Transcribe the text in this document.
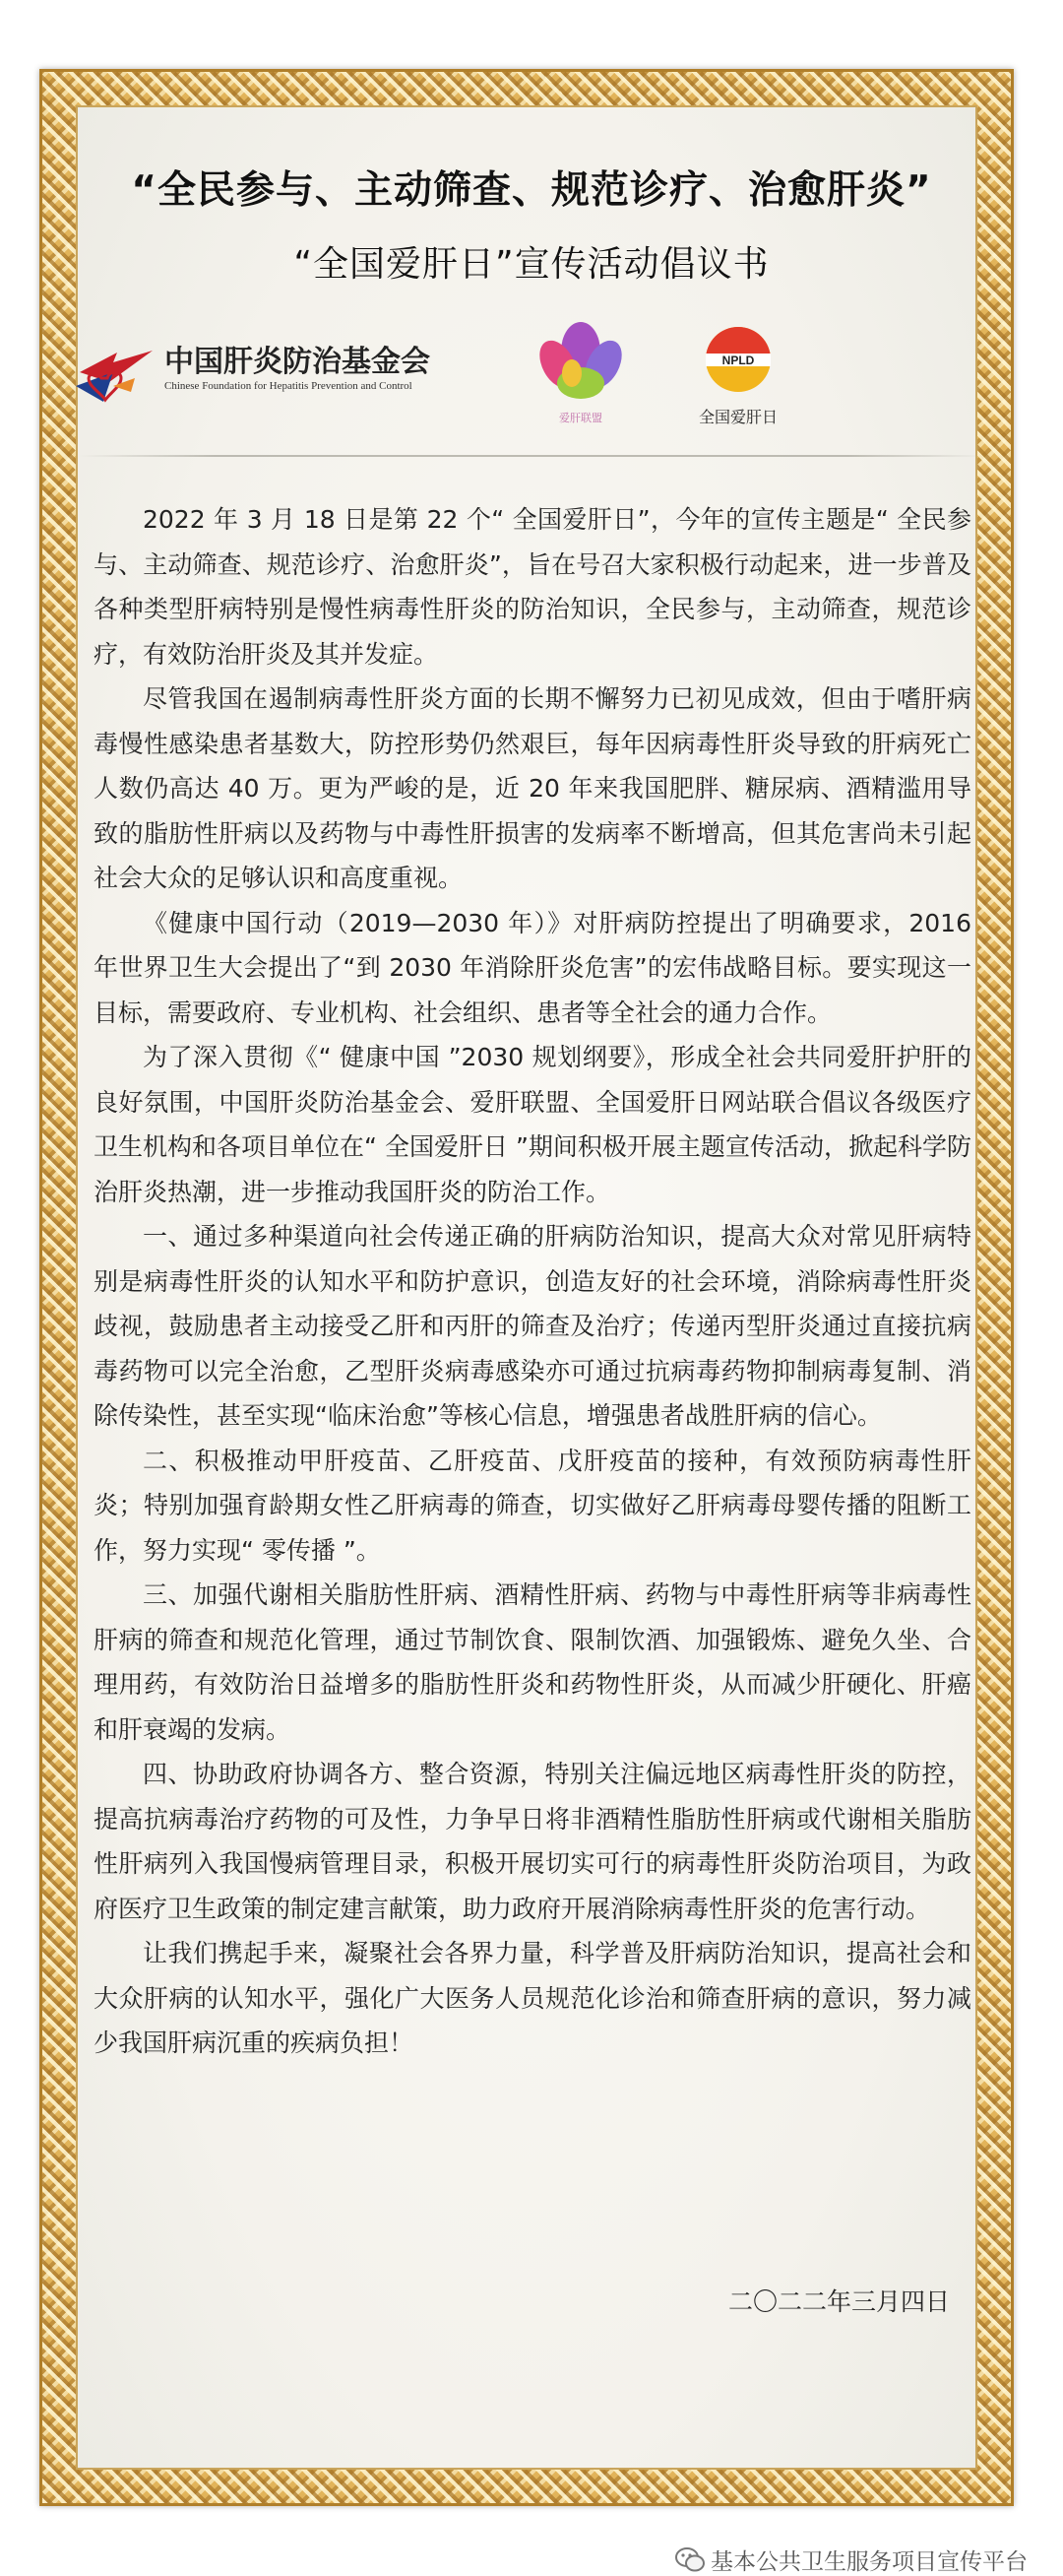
“全民参与、主动筛查、规范诊疗、治愈肝炎”
“全国爱肝日”宣传活动倡议书
中国肝炎防治基金会
Chinese Foundation for Hepatitis Prevention and Control
爱肝联盟
NPLD
全国爱肝日

2022 年 3 月 18 日是第 22 个“ 全国爱肝日”，今年的宣传主题是“ 全民参与、主动筛查、规范诊疗、治愈肝炎”，旨在号召大家积极行动起来，进一步普及各种类型肝病特别是慢性病毒性肝炎的防治知识，全民参与，主动筛查，规范诊疗，有效防治肝炎及其并发症。

尽管我国在遏制病毒性肝炎方面的长期不懈努力已初见成效，但由于嗜肝病毒慢性感染患者基数大，防控形势仍然艰巨，每年因病毒性肝炎导致的肝病死亡人数仍高达 40 万。更为严峻的是，近 20 年来我国肥胖、糖尿病、酒精滥用导致的脂肪性肝病以及药物与中毒性肝损害的发病率不断增高，但其危害尚未引起社会大众的足够认识和高度重视。

《健康中国行动（2019—2030 年）》对肝病防控提出了明确要求，2016 年世界卫生大会提出了“到 2030 年消除肝炎危害”的宏伟战略目标。要实现这一目标，需要政府、专业机构、社会组织、患者等全社会的通力合作。

为了深入贯彻《“ 健康中国 ”2030 规划纲要》，形成全社会共同爱肝护肝的良好氛围，中国肝炎防治基金会、爱肝联盟、全国爱肝日网站联合倡议各级医疗卫生机构和各项目单位在“ 全国爱肝日 ”期间积极开展主题宣传活动，掀起科学防治肝炎热潮，进一步推动我国肝炎的防治工作。

一、通过多种渠道向社会传递正确的肝病防治知识，提高大众对常见肝病特别是病毒性肝炎的认知水平和防护意识，创造友好的社会环境，消除病毒性肝炎歧视，鼓励患者主动接受乙肝和丙肝的筛查及治疗；传递丙型肝炎通过直接抗病毒药物可以完全治愈，乙型肝炎病毒感染亦可通过抗病毒药物抑制病毒复制、消除传染性，甚至实现“临床治愈”等核心信息，增强患者战胜肝病的信心。

二、积极推动甲肝疫苗、乙肝疫苗、戊肝疫苗的接种，有效预防病毒性肝炎；特别加强育龄期女性乙肝病毒的筛查，切实做好乙肝病毒母婴传播的阻断工作，努力实现“ 零传播 ”。

三、加强代谢相关脂肪性肝病、酒精性肝病、药物与中毒性肝病等非病毒性肝病的筛查和规范化管理，通过节制饮食、限制饮酒、加强锻炼、避免久坐、合理用药，有效防治日益增多的脂肪性肝炎和药物性肝炎，从而减少肝硬化、肝癌和肝衰竭的发病。

四、协助政府协调各方、整合资源，特别关注偏远地区病毒性肝炎的防控，提高抗病毒治疗药物的可及性，力争早日将非酒精性脂肪性肝病或代谢相关脂肪性肝病列入我国慢病管理目录，积极开展切实可行的病毒性肝炎防治项目，为政府医疗卫生政策的制定建言献策，助力政府开展消除病毒性肝炎的危害行动。

让我们携起手来，凝聚社会各界力量，科学普及肝病防治知识，提高社会和大众肝病的认知水平，强化广大医务人员规范化诊治和筛查肝病的意识，努力减少我国肝病沉重的疾病负担！

二〇二二年三月四日
基本公共卫生服务项目宣传平台
